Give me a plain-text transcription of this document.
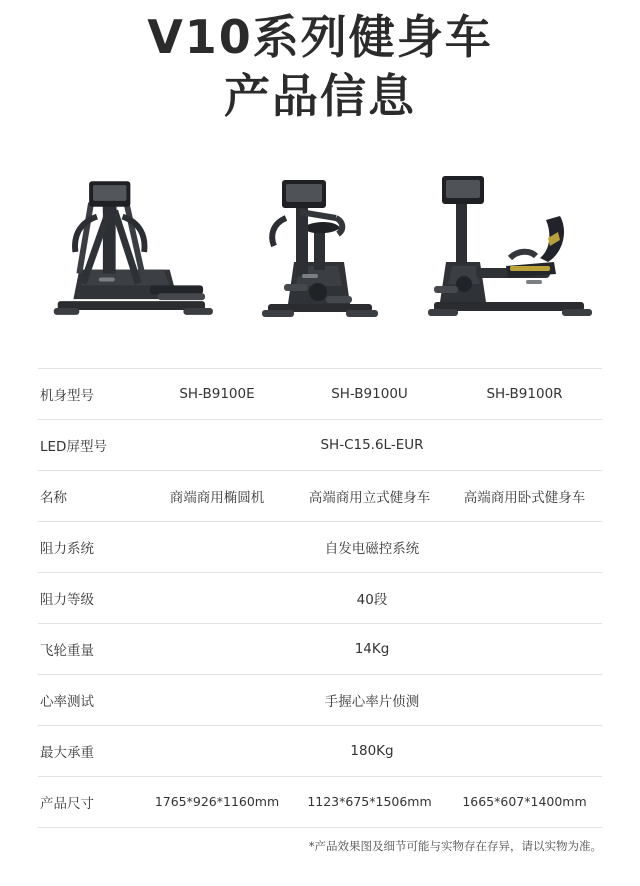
V10系列健身车
产品信息
机身型号	SH-B9100E	SH-B9100U	SH-B9100R
LED屏型号	SH-C15.6L-EUR		
名称	商端商用椭圆机	高端商用立式健身车	高端商用卧式健身车
阻力系统	自发电磁控系统		
阻力等级	40段		
飞轮重量	14Kg		
心率测试	手握心率片侦测		
最大承重	180Kg		
产品尺寸	1765*926*1160mm	1123*675*1506mm	1665*607*1400mm
*产品效果图及细节可能与实物存在存异，请以实物为准。
